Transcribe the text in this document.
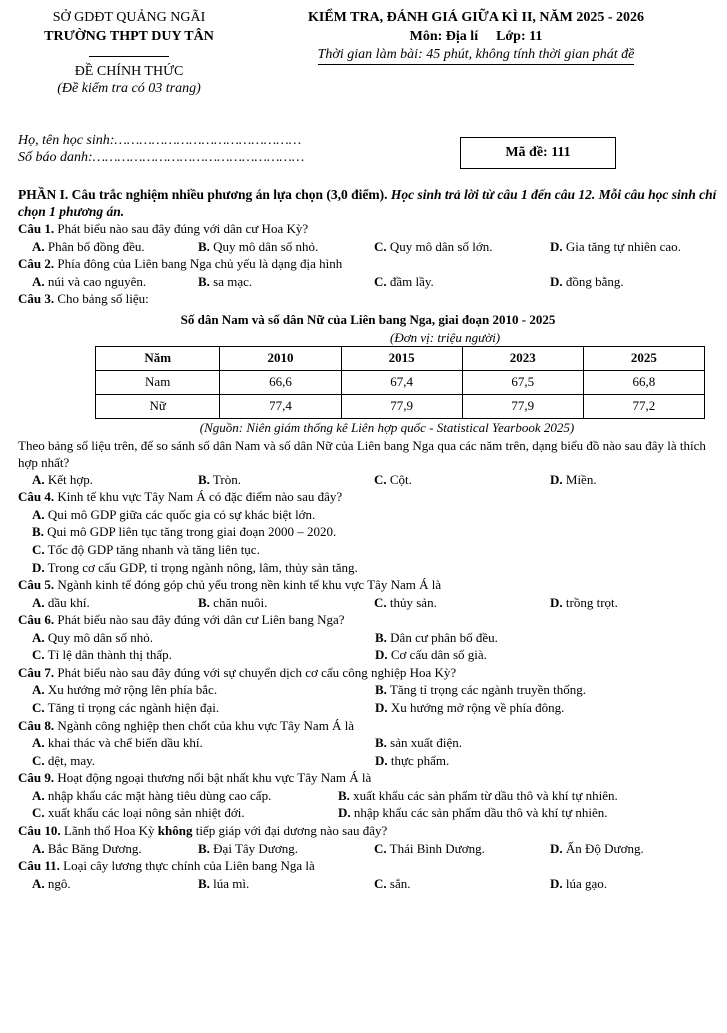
SỞ GDĐT QUẢNG NGÃI
TRƯỜNG THPT DUY TÂN
ĐỀ CHÍNH THỨC
(Đề kiểm tra có 03 trang)
KIỂM TRA, ĐÁNH GIÁ GIỮA KÌ II, NĂM 2025 - 2026
Môn: Địa lí Lớp: 11
Thời gian làm bài: 45 phút, không tính thời gian phát đề
Họ, tên học sinh:………………………………………
Số báo danh:……………………………………………	Mã đề: 111
PHẦN I. Câu trắc nghiệm nhiều phương án lựa chọn (3,0 điểm). Học sinh trả lời từ câu 1 đến câu 12. Mỗi câu học sinh chỉ chọn 1 phương án.
Câu 1. Phát biểu nào sau đây đúng với dân cư Hoa Kỳ?
A. Phân bố đồng đều.	B. Quy mô dân số nhỏ.	C. Quy mô dân số lớn.	D. Gia tăng tự nhiên cao.
Câu 2. Phía đông của Liên bang Nga chủ yếu là dạng địa hình
A. núi và cao nguyên.	B. sa mạc.	C. đầm lầy.	D. đồng bằng.
Câu 3. Cho bảng số liệu:
Số dân Nam và số dân Nữ của Liên bang Nga, giai đoạn 2010 - 2025
(Đơn vị: triệu người)
Năm	2010	2015	2023	2025
Nam	66,6	67,4	67,5	66,8
Nữ	77,4	77,9	77,9	77,2
(Nguồn: Niên giám thống kê Liên hợp quốc - Statistical Yearbook 2025)
Theo bảng số liệu trên, để so sánh số dân Nam và số dân Nữ của Liên bang Nga qua các năm trên, dạng biểu đồ nào sau đây là thích hợp nhất?
A. Kết hợp.	B. Tròn.	C. Cột.	D. Miền.
Câu 4. Kinh tế khu vực Tây Nam Á có đặc điểm nào sau đây?
A. Qui mô GDP giữa các quốc gia có sự khác biệt lớn.
B. Qui mô GDP liên tục tăng trong giai đoạn 2000 – 2020.
C. Tốc độ GDP tăng nhanh và tăng liên tục.
D. Trong cơ cấu GDP, tỉ trọng ngành nông, lâm, thủy sản tăng.
Câu 5. Ngành kinh tế đóng góp chủ yếu trong nền kinh tế khu vực Tây Nam Á là
A. dầu khí.	B. chăn nuôi.	C. thủy sản.	D. trồng trọt.
Câu 6. Phát biểu nào sau đây đúng với dân cư Liên bang Nga?
A. Quy mô dân số nhỏ.	B. Dân cư phân bố đều.
C. Tỉ lệ dân thành thị thấp.	D. Cơ cấu dân số già.
Câu 7. Phát biểu nào sau đây đúng với sự chuyển dịch cơ cấu công nghiệp Hoa Kỳ?
A. Xu hướng mở rộng lên phía bắc.	B. Tăng tỉ trọng các ngành truyền thống.
C. Tăng tỉ trọng các ngành hiện đại.	D. Xu hướng mở rộng về phía đông.
Câu 8. Ngành công nghiệp then chốt của khu vực Tây Nam Á là
A. khai thác và chế biến dầu khí.	B. sản xuất điện.
C. dệt, may.	D. thực phẩm.
Câu 9. Hoạt động ngoại thương nổi bật nhất khu vực Tây Nam Á là
A. nhập khẩu các mặt hàng tiêu dùng cao cấp.	B. xuất khẩu các sản phẩm từ dầu thô và khí tự nhiên.
C. xuất khẩu các loại nông sản nhiệt đới.	D. nhập khẩu các sản phẩm dầu thô và khí tự nhiên.
Câu 10. Lãnh thổ Hoa Kỳ không tiếp giáp với đại dương nào sau đây?
A. Bắc Băng Dương.	B. Đại Tây Dương.	C. Thái Bình Dương.	D. Ấn Độ Dương.
Câu 11. Loại cây lương thực chính của Liên bang Nga là
A. ngô.	B. lúa mì.	C. sắn.	D. lúa gạo.
